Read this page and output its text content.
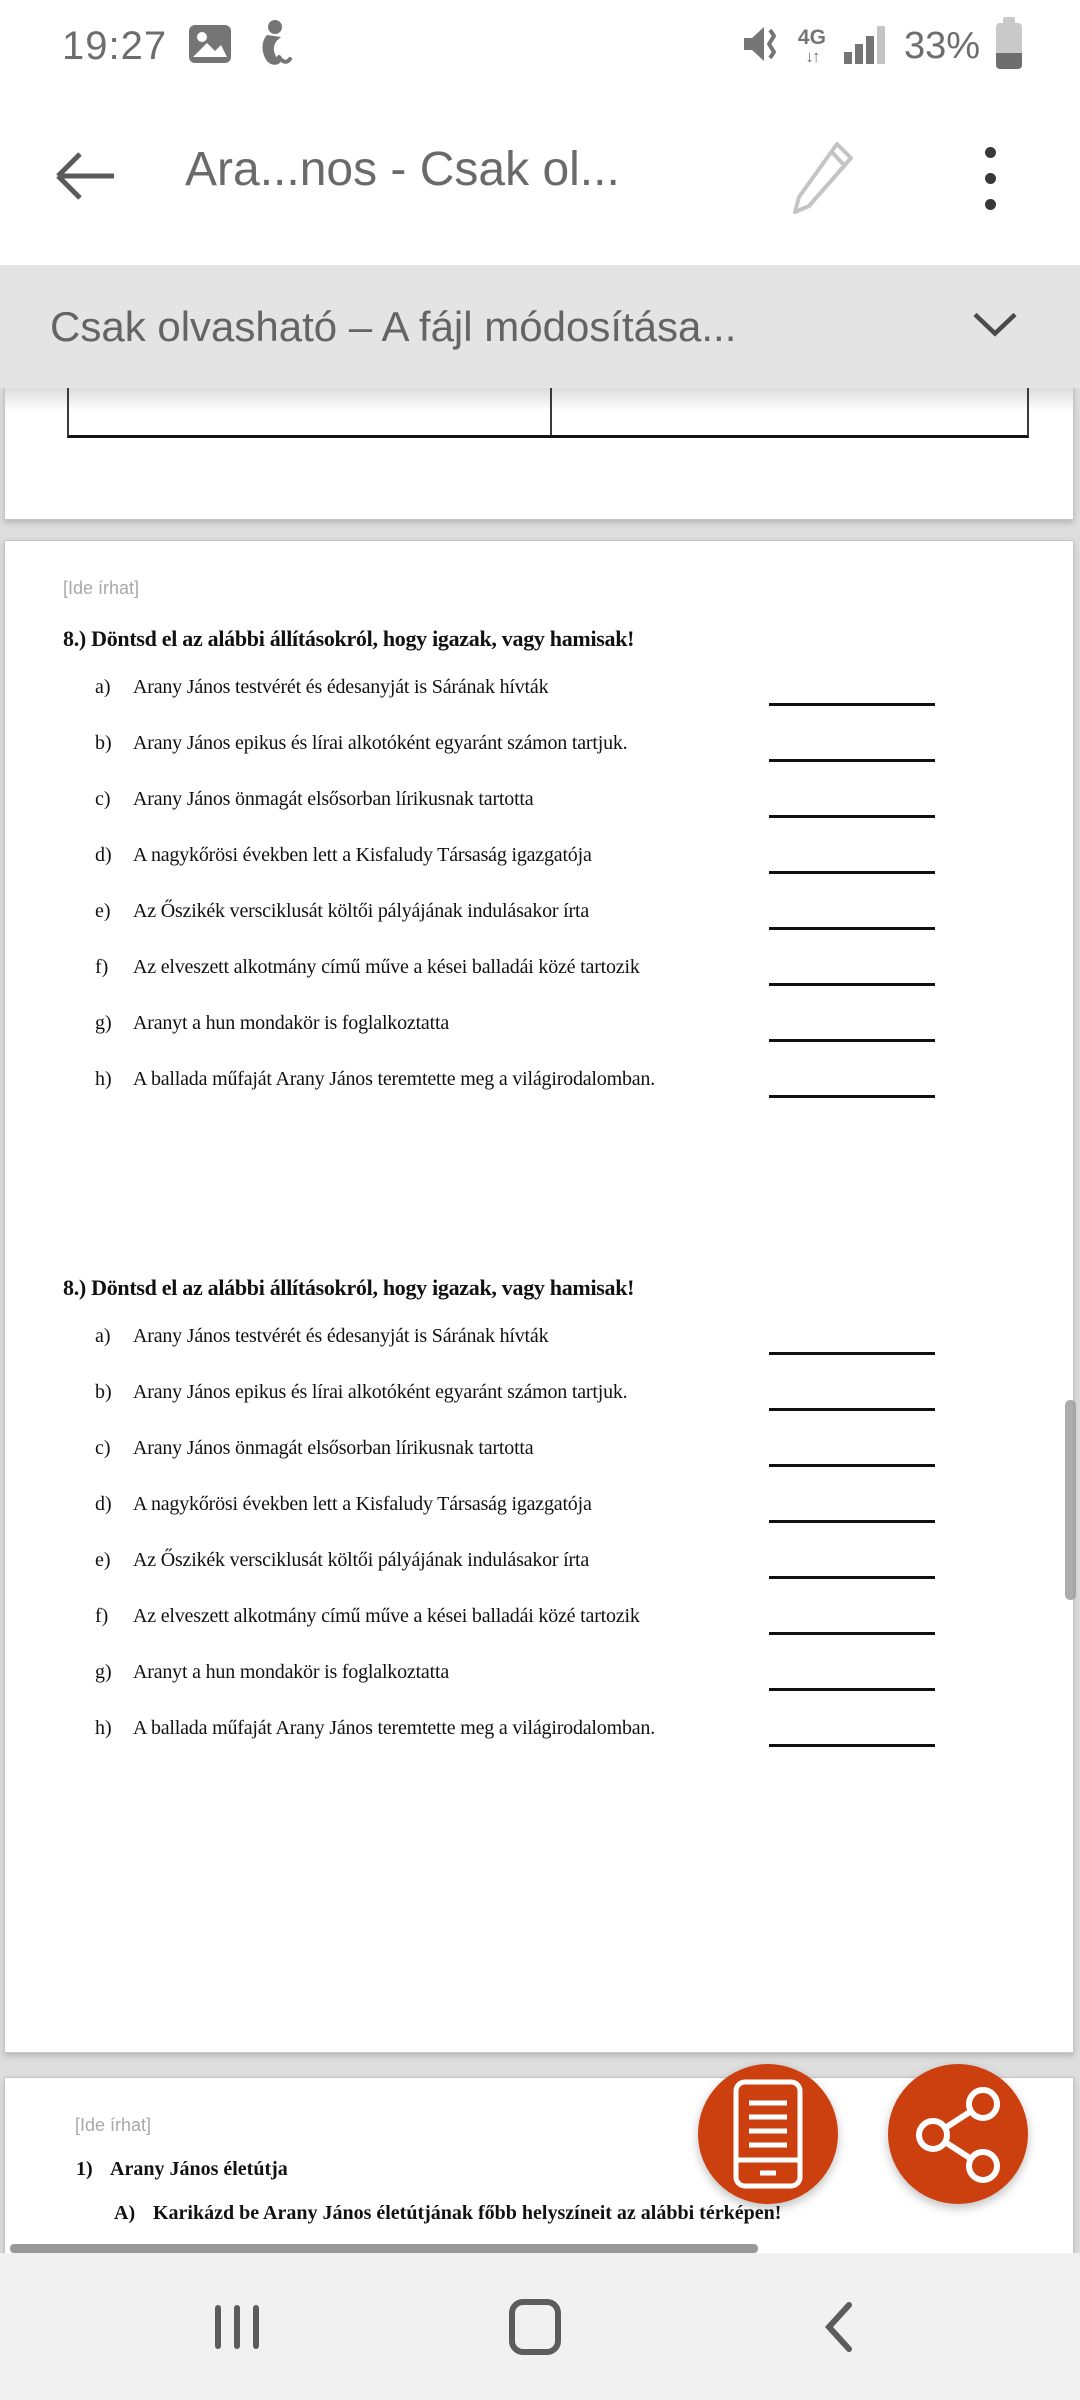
19:27	4G
↓↑ 33%
Ara...nos - Csak ol...
Csak olvasható – A fájl módosítása...
[Ide írhat]
8.) Döntsd el az alábbi állításokról, hogy igazak, vagy hamisak!
a) Arany János testvérét és édesanyját is Sárának hívták
b) Arany János epikus és lírai alkotóként egyaránt számon tartjuk.
c) Arany János önmagát elsősorban lírikusnak tartotta
d) A nagykőrösi években lett a Kisfaludy Társaság igazgatója
e) Az Őszikék versciklusát költői pályájának indulásakor írta
f) Az elveszett alkotmány című műve a kései balladái közé tartozik
g) Aranyt a hun mondakör is foglalkoztatta
h) A ballada műfaját Arany János teremtette meg a világirodalomban.
8.) Döntsd el az alábbi állításokról, hogy igazak, vagy hamisak!
a) Arany János testvérét és édesanyját is Sárának hívták
b) Arany János epikus és lírai alkotóként egyaránt számon tartjuk.
c) Arany János önmagát elsősorban lírikusnak tartotta
d) A nagykőrösi években lett a Kisfaludy Társaság igazgatója
e) Az Őszikék versciklusát költői pályájának indulásakor írta
f) Az elveszett alkotmány című műve a kései balladái közé tartozik
g) Aranyt a hun mondakör is foglalkoztatta
h) A ballada műfaját Arany János teremtette meg a világirodalomban.
[Ide írhat]
1) Arany János életútja
A) Karikázd be Arany János életútjának főbb helyszíneit az alábbi térképen!
